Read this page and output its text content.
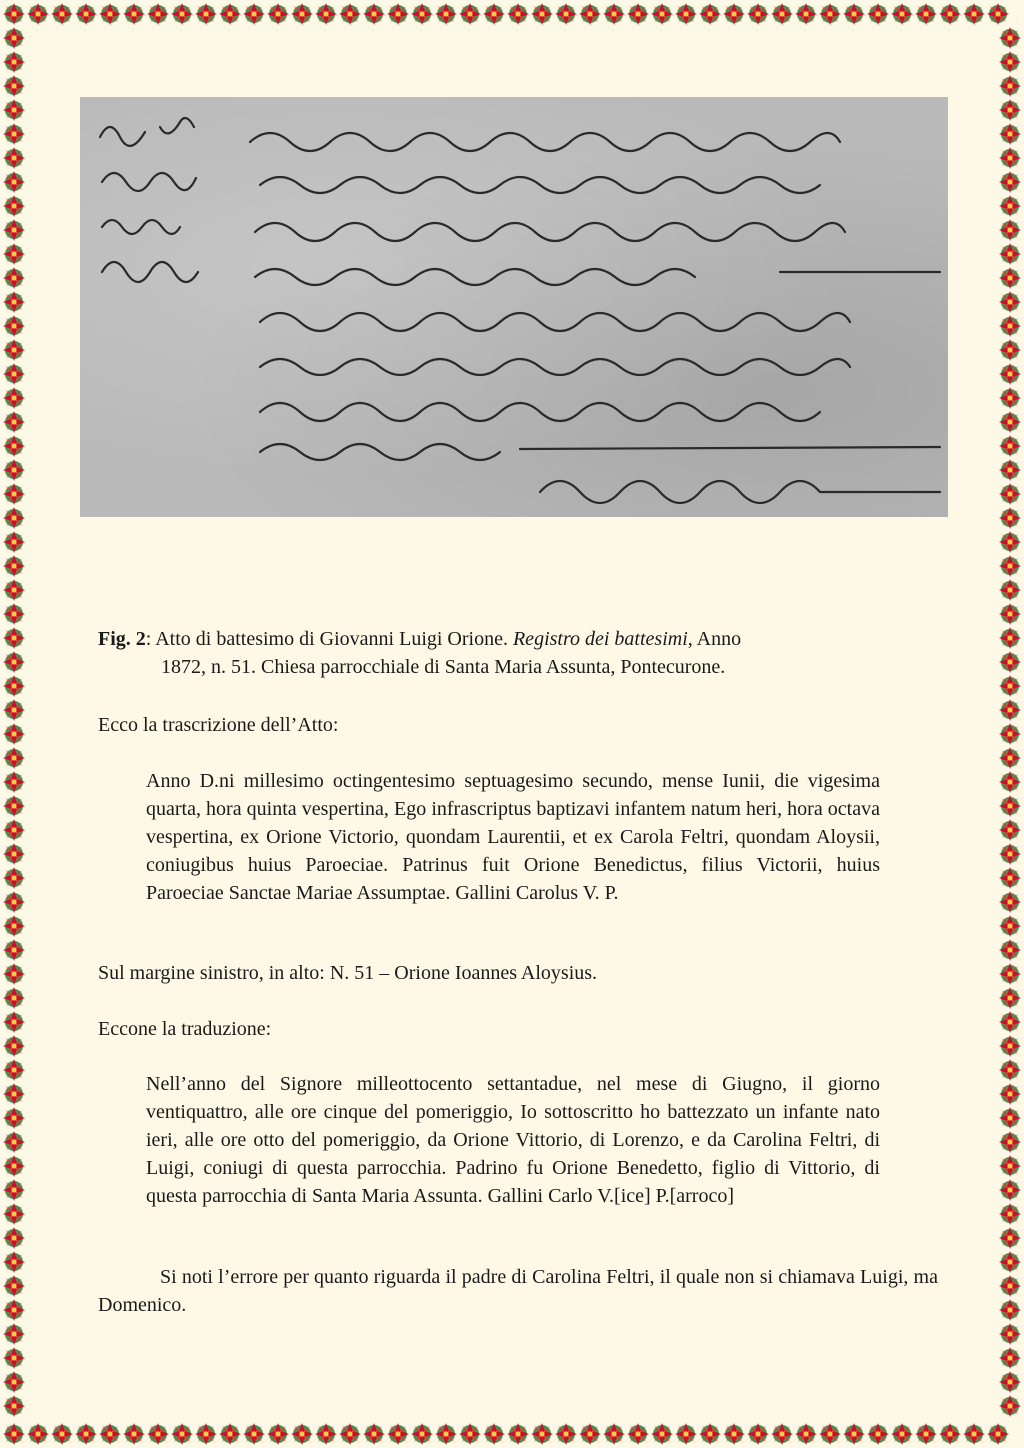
Fig. 2: Atto di battesimo di Giovanni Luigi Orione. Registro dei battesimi, Anno
1872, n. 51. Chiesa parrocchiale di Santa Maria Assunta, Pontecurone.
Ecco la trascrizione dell’Atto:
Anno D.ni millesimo octingentesimo septuagesimo secundo, mense Iunii, die vigesima quarta, hora quinta vespertina, Ego infrascriptus baptizavi infantem natum heri, hora octava vespertina, ex Orione Victorio, quondam Laurentii, et ex Carola Feltri, quondam Aloysii, coniugibus huius Paroeciae. Patrinus fuit Orione Benedictus, filius Victorii, huius Paroeciae Sanctae Mariae Assumptae. Gallini Carolus V. P.
Sul margine sinistro, in alto: N. 51 – Orione Ioannes Aloysius.
Eccone la traduzione:
Nell’anno del Signore milleottocento settantadue, nel mese di Giugno, il giorno ventiquattro, alle ore cinque del pomeriggio, Io sottoscritto ho battezzato un infante nato ieri, alle ore otto del pomeriggio, da Orione Vittorio, di Lorenzo, e da Carolina Feltri, di Luigi, coniugi di questa parrocchia. Padrino fu Orione Benedetto, figlio di Vittorio, di questa parrocchia di Santa Maria Assunta. Gallini Carlo V.[ice] P.[arroco]
Si noti l’errore per quanto riguarda il padre di Carolina Feltri, il quale non si chiamava Luigi, ma Domenico.
